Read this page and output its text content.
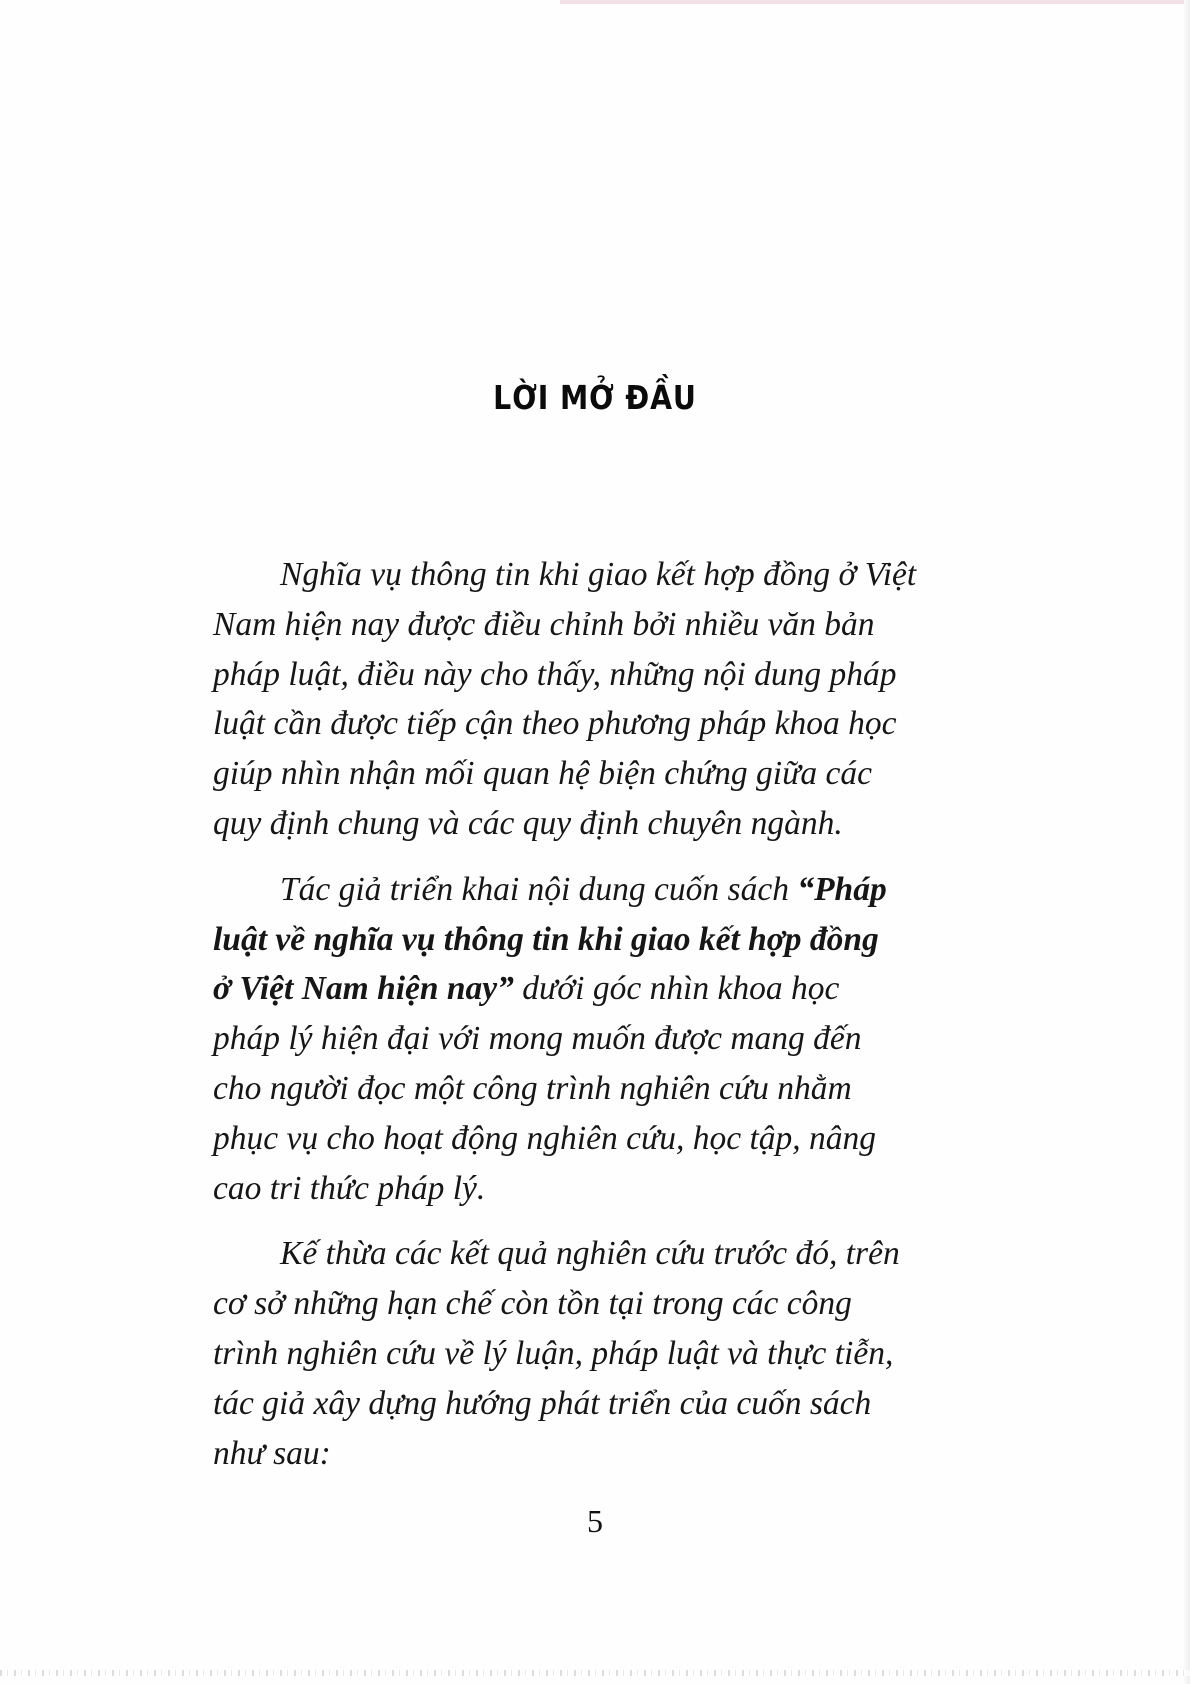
LỜI MỞ ĐẦU
Nghĩa vụ thông tin khi giao kết hợp đồng ở Việt
Nam hiện nay được điều chỉnh bởi nhiều văn bản
pháp luật, điều này cho thấy, những nội dung pháp
luật cần được tiếp cận theo phương pháp khoa học
giúp nhìn nhận mối quan hệ biện chứng giữa các
quy định chung và các quy định chuyên ngành.
Tác giả triển khai nội dung cuốn sách “Pháp
luật về nghĩa vụ thông tin khi giao kết hợp đồng
ở Việt Nam hiện nay” dưới góc nhìn khoa học
pháp lý hiện đại với mong muốn được mang đến
cho người đọc một công trình nghiên cứu nhằm
phục vụ cho hoạt động nghiên cứu, học tập, nâng
cao tri thức pháp lý.
Kế thừa các kết quả nghiên cứu trước đó, trên
cơ sở những hạn chế còn tồn tại trong các công
trình nghiên cứu về lý luận, pháp luật và thực tiễn,
tác giả xây dựng hướng phát triển của cuốn sách
như sau:
5
